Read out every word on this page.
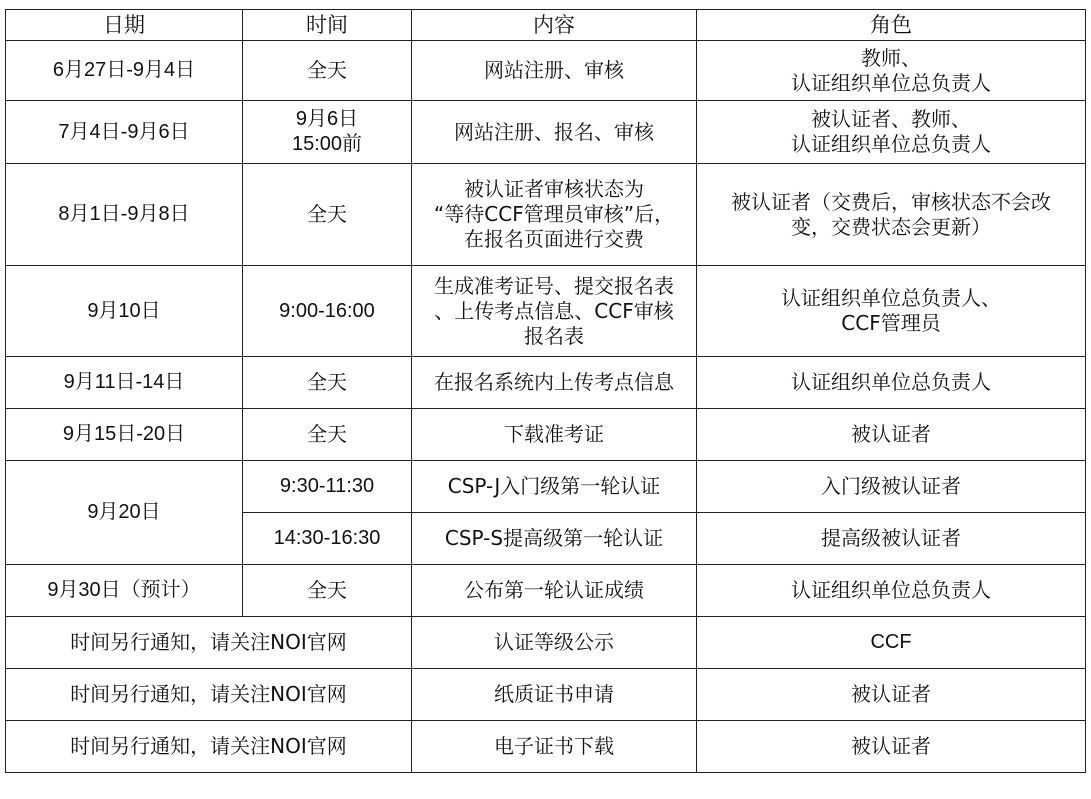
日期	时间	内容	角色
6月27日-9月4日	全天	网站注册、审核	教师、
认证组织单位总负责人

7月4日-9月6日	9月6日
15:00前	网站注册、报名、审核	被认证者、教师、
认证组织单位总负责人

8月1日-9月8日	全天	被认证者审核状态为
“等待CCF管理员审核”后，
在报名页面进行交费	被认证者（交费后，审核状态不会改
变，交费状态会更新）

9月10日	9:00-16:00	生成准考证号、提交报名表
、上传考点信息、CCF审核
报名表	认证组织单位总负责人、
CCF管理员

9月11日-14日	全天	在报名系统内上传考点信息	认证组织单位总负责人

9月15日-20日	全天	下载准考证	被认证者

9月20日	9:30-11:30	CSP-J入门级第一轮认证	入门级被认证者

	14:30-16:30	CSP-S提高级第一轮认证	提高级被认证者

9月30日（预计）	全天	公布第一轮认证成绩	认证组织单位总负责人

时间另行通知，请关注NOI官网		认证等级公示	CCF

时间另行通知，请关注NOI官网		纸质证书申请	被认证者

时间另行通知，请关注NOI官网		电子证书下载	被认证者
